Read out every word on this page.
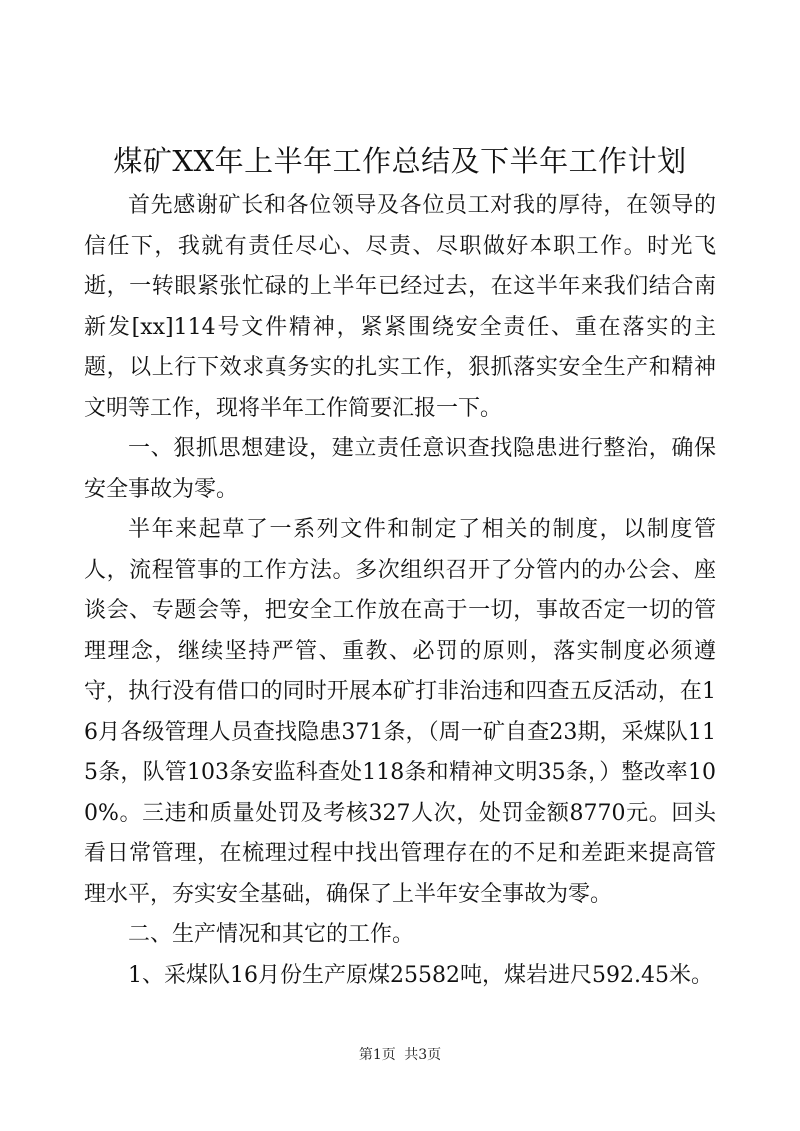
煤矿XX年上半年工作总结及下半年工作计划

首先感谢矿长和各位领导及各位员工对我的厚待，在领导的信任下，我就有责任尽心、尽责、尽职做好本职工作。时光飞逝，一转眼紧张忙碌的上半年已经过去，在这半年来我们结合南新发[xx]114号文件精神，紧紧围绕安全责任、重在落实的主题，以上行下效求真务实的扎实工作，狠抓落实安全生产和精神文明等工作，现将半年工作简要汇报一下。

一、狠抓思想建设，建立责任意识查找隐患进行整治，确保安全事故为零。

半年来起草了一系列文件和制定了相关的制度，以制度管人，流程管事的工作方法。多次组织召开了分管内的办公会、座谈会、专题会等，把安全工作放在高于一切，事故否定一切的管理理念，继续坚持严管、重教、必罚的原则，落实制度必须遵守，执行没有借口的同时开展本矿打非治违和四查五反活动，在16月各级管理人员查找隐患371条，（周一矿自查23期，采煤队115条，队管103条安监科查处118条和精神文明35条，）整改率100%。三违和质量处罚及考核327人次，处罚金额8770元。回头看日常管理，在梳理过程中找出管理存在的不足和差距来提高管理水平，夯实安全基础，确保了上半年安全事故为零。

二、生产情况和其它的工作。

1、采煤队16月份生产原煤25582吨，煤岩进尺592.45米。

第1页 共3页
